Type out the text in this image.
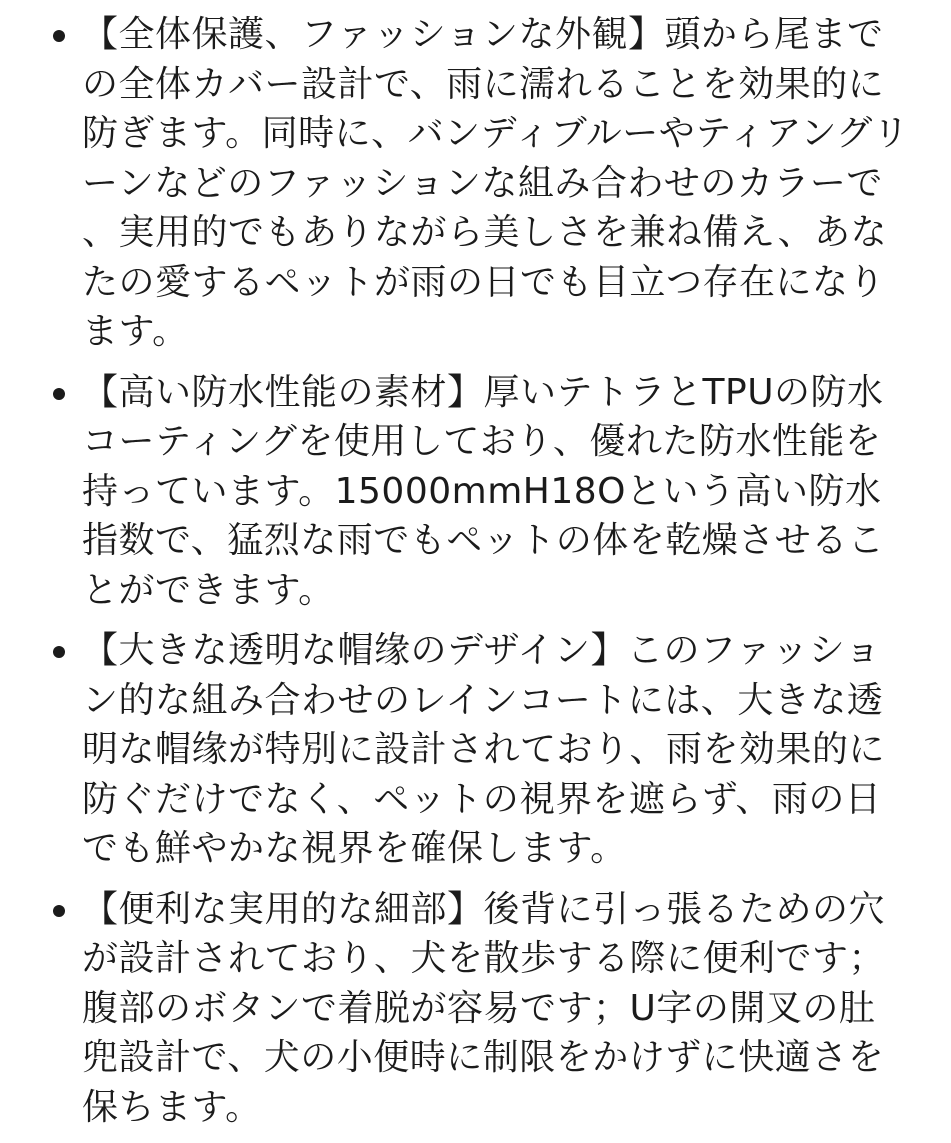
【全体保護、ファッションな外観】頭から尾までの全体カバー設計で、雨に濡れることを効果的に防ぎます。同時に、バンディブルーやティアングリーンなどのファッションな組み合わせのカラーで、実用的でもありながら美しさを兼ね備え、あなたの愛するペットが雨の日でも目立つ存在になります。

【高い防水性能の素材】厚いテトラとTPUの防水コーティングを使用しており、優れた防水性能を持っています。15000mmH18Oという高い防水指数で、猛烈な雨でもペットの体を乾燥させることができます。

【大きな透明な帽缘のデザイン】このファッション的な組み合わせのレインコートには、大きな透明な帽缘が特別に設計されており、雨を効果的に防ぐだけでなく、ペットの視界を遮らず、雨の日でも鮮やかな視界を確保します。

【便利な実用的な細部】後背に引っ張るための穴が設計されており、犬を散歩する際に便利です；腹部のボタンで着脱が容易です；U字の開叉の肚兜設計で、犬の小便時に制限をかけずに快適さを保ちます。
